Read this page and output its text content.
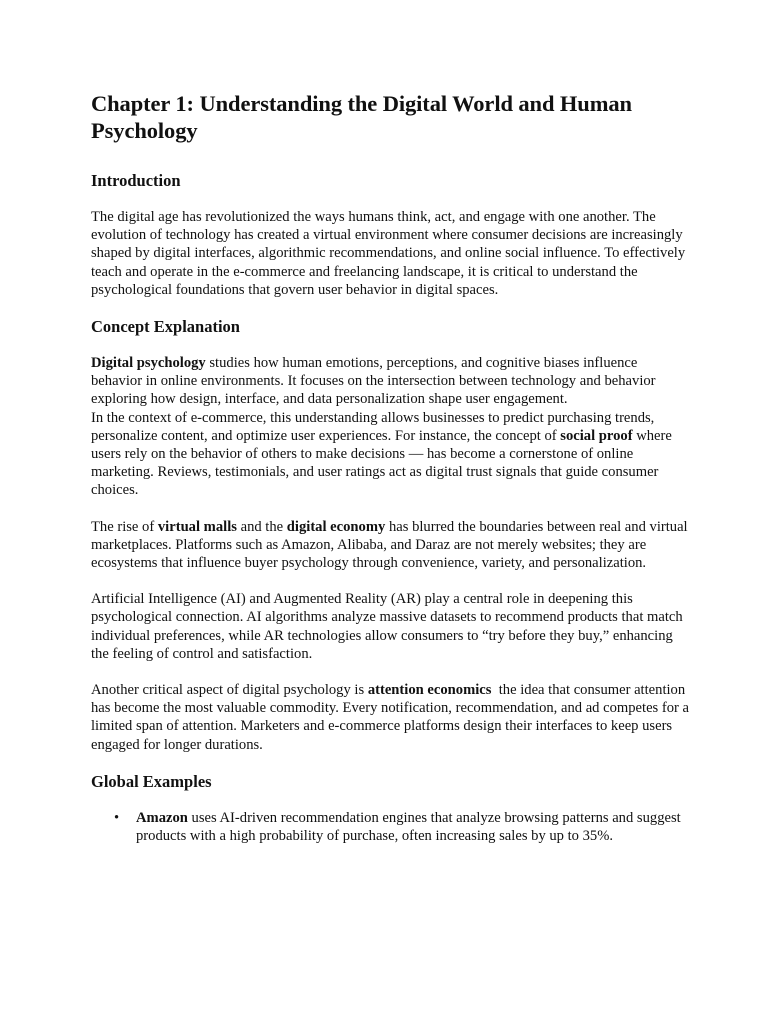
Chapter 1: Understanding the Digital World and Human Psychology
Introduction

The digital age has revolutionized the ways humans think, act, and engage with one another. The evolution of technology has created a virtual environment where consumer decisions are increasingly shaped by digital interfaces, algorithmic recommendations, and online social influence. To effectively teach and operate in the e-commerce and freelancing landscape, it is critical to understand the psychological foundations that govern user behavior in digital spaces.

Concept Explanation

Digital psychology studies how human emotions, perceptions, and cognitive biases influence behavior in online environments. It focuses on the intersection between technology and behavior exploring how design, interface, and data personalization shape user engagement.

In the context of e-commerce, this understanding allows businesses to predict purchasing trends, personalize content, and optimize user experiences. For instance, the concept of social proof where users rely on the behavior of others to make decisions — has become a cornerstone of online marketing. Reviews, testimonials, and user ratings act as digital trust signals that guide consumer choices.

The rise of virtual malls and the digital economy has blurred the boundaries between real and virtual marketplaces. Platforms such as Amazon, Alibaba, and Daraz are not merely websites; they are ecosystems that influence buyer psychology through convenience, variety, and personalization.

Artificial Intelligence (AI) and Augmented Reality (AR) play a central role in deepening this psychological connection. AI algorithms analyze massive datasets to recommend products that match individual preferences, while AR technologies allow consumers to “try before they buy,” enhancing the feeling of control and satisfaction.

Another critical aspect of digital psychology is attention economics  the idea that consumer attention has become the most valuable commodity. Every notification, recommendation, and ad competes for a limited span of attention. Marketers and e-commerce platforms design their interfaces to keep users engaged for longer durations.

Global Examples
• Amazon uses AI-driven recommendation engines that analyze browsing patterns and suggest products with a high probability of purchase, often increasing sales by up to 35%.
